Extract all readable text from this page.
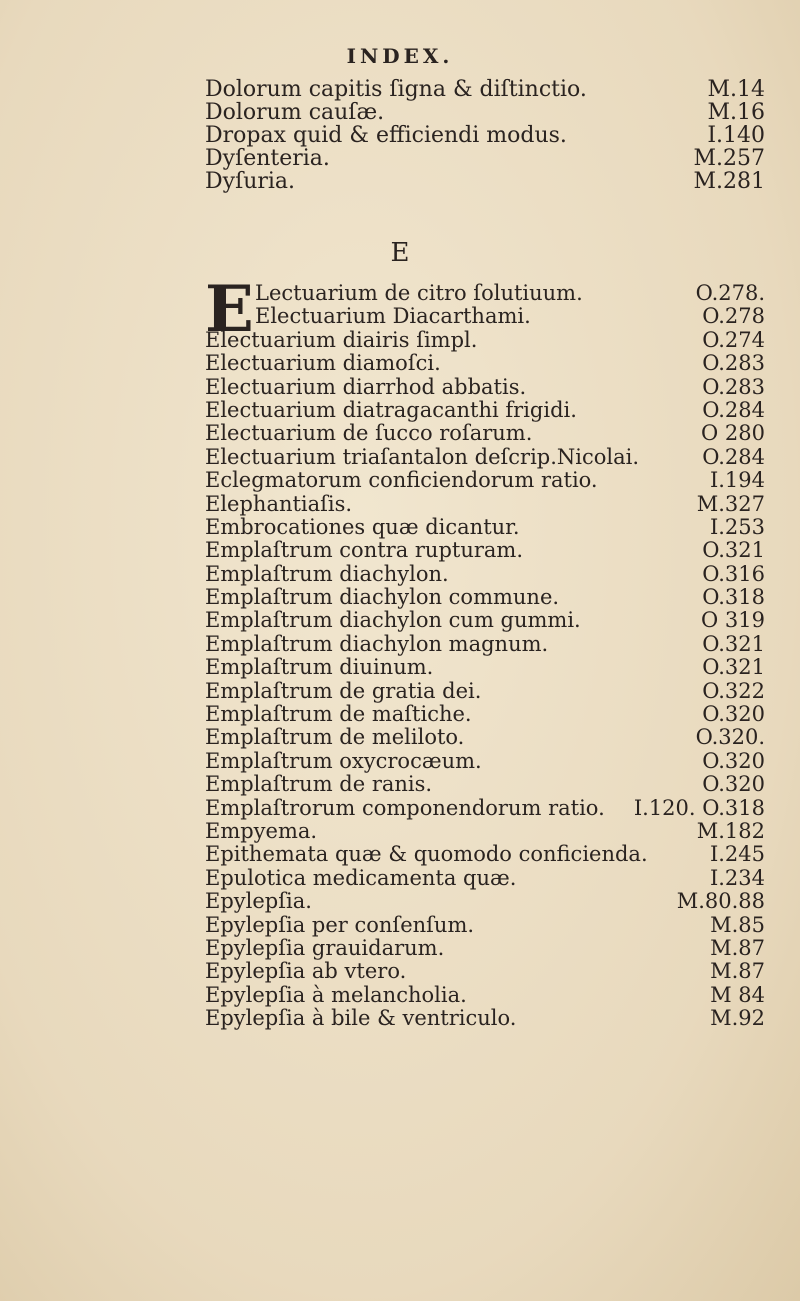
INDEX.
Dolorum capitis ſigna & diſtinctio.	M.14
Dolorum cauſæ.	M.16
Dropax quid & efficiendi modus.	I.140
Dyſenteria.	M.257
Dyſuria.	M.281
E
E Lectuarium de citro ſolutiuum.	O.278.
Electuarium Diacarthami.	O.278
Electuarium diairis ſimpl.	O.274
Electuarium diamoſci.	O.283
Electuarium diarrhod abbatis.	O.283
Electuarium diatragacanthi frigidi.	O.284
Electuarium de ſucco roſarum.	O 280
Electuarium triaſantalon deſcrip.Nicolai.	O.284
Eclegmatorum conficiendorum ratio.	I.194
Elephantiaſis.	M.327
Embrocationes quæ dicantur.	I.253
Emplaſtrum contra rupturam.	O.321
Emplaſtrum diachylon.	O.316
Emplaſtrum diachylon commune.	O.318
Emplaſtrum diachylon cum gummi.	O 319
Emplaſtrum diachylon magnum.	O.321
Emplaſtrum diuinum.	O.321
Emplaſtrum de gratia dei.	O.322
Emplaſtrum de maſtiche.	O.320
Emplaſtrum de meliloto.	O.320.
Emplaſtrum oxycrocæum.	O.320
Emplaſtrum de ranis.	O.320
Emplaſtrorum componendorum ratio. I.120. O.318
Empyema.	M.182
Epithemata quæ & quomodo conficienda.	I.245
Epulotica medicamenta quæ.	I.234
Epylepſia.	M.80.88
Epylepſia per conſenſum.	M.85
Epylepſia grauidarum.	M.87
Epylepſia ab vtero.	M.87
Epylepſia à melancholia.	M 84
Epylepſia à bile & ventriculo.	M.92
